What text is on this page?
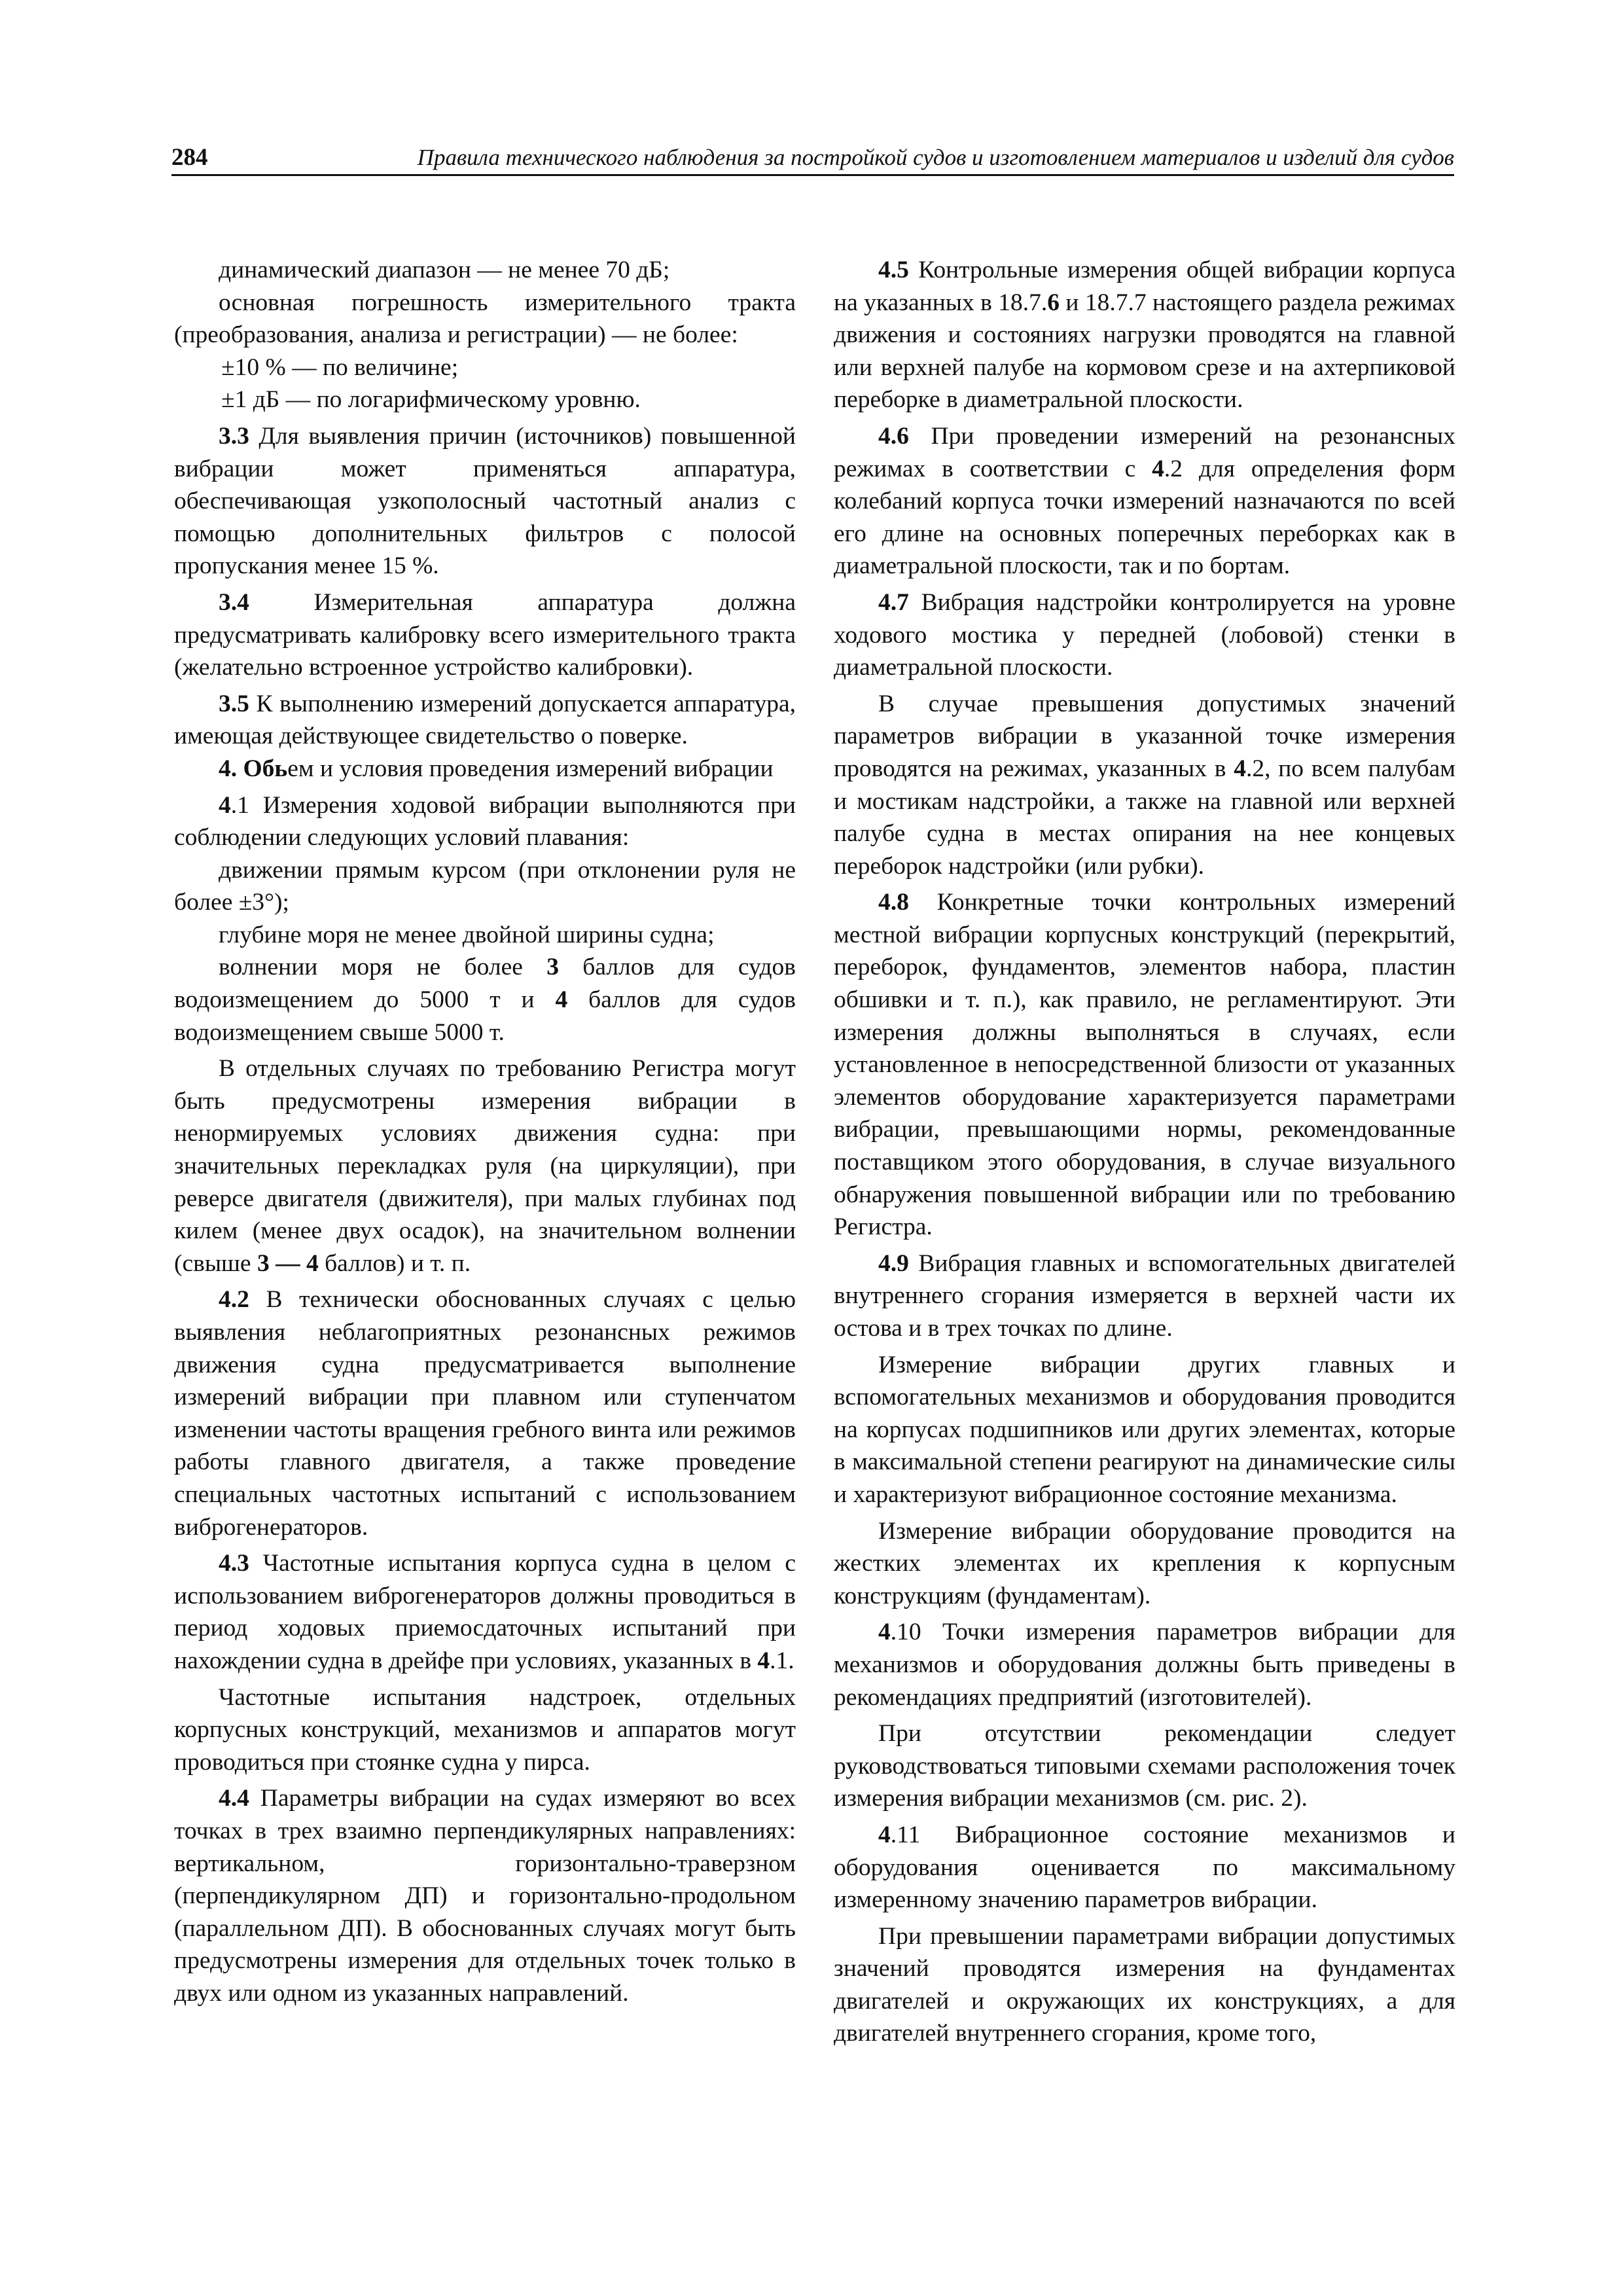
284	Правила технического наблюдения за постройкой судов и изготовлением материалов и изделий для судов

динамический диапазон — не менее 70 дБ;

основная погрешность измерительного тракта (преобразования, анализа и регистрации) — не более:

±10 % — по величине;

±1 дБ — по логарифмическому уровню.

3.3 Для выявления причин (источников) повышенной вибрации может применяться аппаратура, обеспечивающая узкополосный частотный анализ с помощью дополнительных фильтров с полосой пропускания менее 15 %.

3.4 Измерительная аппаратура должна предусматривать калибровку всего измерительного тракта (желательно встроенное устройство калибровки).

3.5 К выполнению измерений допускается аппаратура, имеющая действующее свидетельство о поверке.

4. Обьем и условия проведения измерений вибрации

4.1 Измерения ходовой вибрации выполняются при соблюдении следующих условий плавания:

движении прямым курсом (при отклонении руля не более ±3°);

глубине моря не менее двойной ширины судна;

волнении моря не более 3 баллов для судов водоизмещением до 5000 т и 4 баллов для судов водоизмещением свыше 5000 т.

В отдельных случаях по требованию Регистра могут быть предусмотрены измерения вибрации в ненормируемых условиях движения судна: при значительных перекладках руля (на циркуляции), при реверсе двигателя (движителя), при малых глубинах под килем (менее двух осадок), на значительном волнении (свыше 3 — 4 баллов) и т. п.

4.2 В технически обоснованных случаях с целью выявления неблагоприятных резонансных режимов движения судна предусматривается выполнение измерений вибрации при плавном или ступенчатом изменении частоты вращения гребного винта или режимов работы главного двигателя, а также проведение специальных частотных испытаний с использованием виброгенераторов.

4.3 Частотные испытания корпуса судна в целом с использованием виброгенераторов должны проводиться в период ходовых приемосдаточных испытаний при нахождении судна в дрейфе при условиях, указанных в 4.1.

Частотные испытания надстроек, отдельных корпусных конструкций, механизмов и аппаратов могут проводиться при стоянке судна у пирса.

4.4 Параметры вибрации на судах измеряют во всех точках в трех взаимно перпендикулярных направлениях: вертикальном, горизонтально-траверзном (перпендикулярном ДП) и горизонтально-продольном (параллельном ДП). В обоснованных случаях могут быть предусмотрены измерения для отдельных точек только в двух или одном из указанных направлений.

4.5 Контрольные измерения общей вибрации корпуса на указанных в 18.7.6 и 18.7.7 настоящего раздела режимах движения и состояниях нагрузки проводятся на главной или верхней палубе на кормовом срезе и на ахтерпиковой переборке в диаметральной плоскости.

4.6 При проведении измерений на резонансных режимах в соответствии с 4.2 для определения форм колебаний корпуса точки измерений назначаются по всей его длине на основных поперечных переборках как в диаметральной плоскости, так и по бортам.

4.7 Вибрация надстройки контролируется на уровне ходового мостика у передней (лобовой) стенки в диаметральной плоскости.

В случае превышения допустимых значений параметров вибрации в указанной точке измерения проводятся на режимах, указанных в 4.2, по всем палубам и мостикам надстройки, а также на главной или верхней палубе судна в местах опирания на нее концевых переборок надстройки (или рубки).

4.8 Конкретные точки контрольных измерений местной вибрации корпусных конструкций (перекрытий, переборок, фундаментов, элементов набора, пластин обшивки и т. п.), как правило, не регламентируют. Эти измерения должны выполняться в случаях, если установленное в непосредственной близости от указанных элементов оборудование характеризуется параметрами вибрации, превышающими нормы, рекомендованные поставщиком этого оборудования, в случае визуального обнаружения повышенной вибрации или по требованию Регистра.

4.9 Вибрация главных и вспомогательных двигателей внутреннего сгорания измеряется в верхней части их остова и в трех точках по длине.

Измерение вибрации других главных и вспомогательных механизмов и оборудования проводится на корпусах подшипников или других элементах, которые в максимальной степени реагируют на динамические силы и характеризуют вибрационное состояние механизма.

Измерение вибрации оборудование проводится на жестких элементах их крепления к корпусным конструкциям (фундаментам).

4.10 Точки измерения параметров вибрации для механизмов и оборудования должны быть приведены в рекомендациях предприятий (изготовителей).

При отсутствии рекомендации следует руководствоваться типовыми схемами расположения точек измерения вибрации механизмов (см. рис. 2).

4.11 Вибрационное состояние механизмов и оборудования оценивается по максимальному измеренному значению параметров вибрации.

При превышении параметрами вибрации допустимых значений проводятся измерения на фундаментах двигателей и окружающих их конструкциях, а для двигателей внутреннего сгорания, кроме того,
